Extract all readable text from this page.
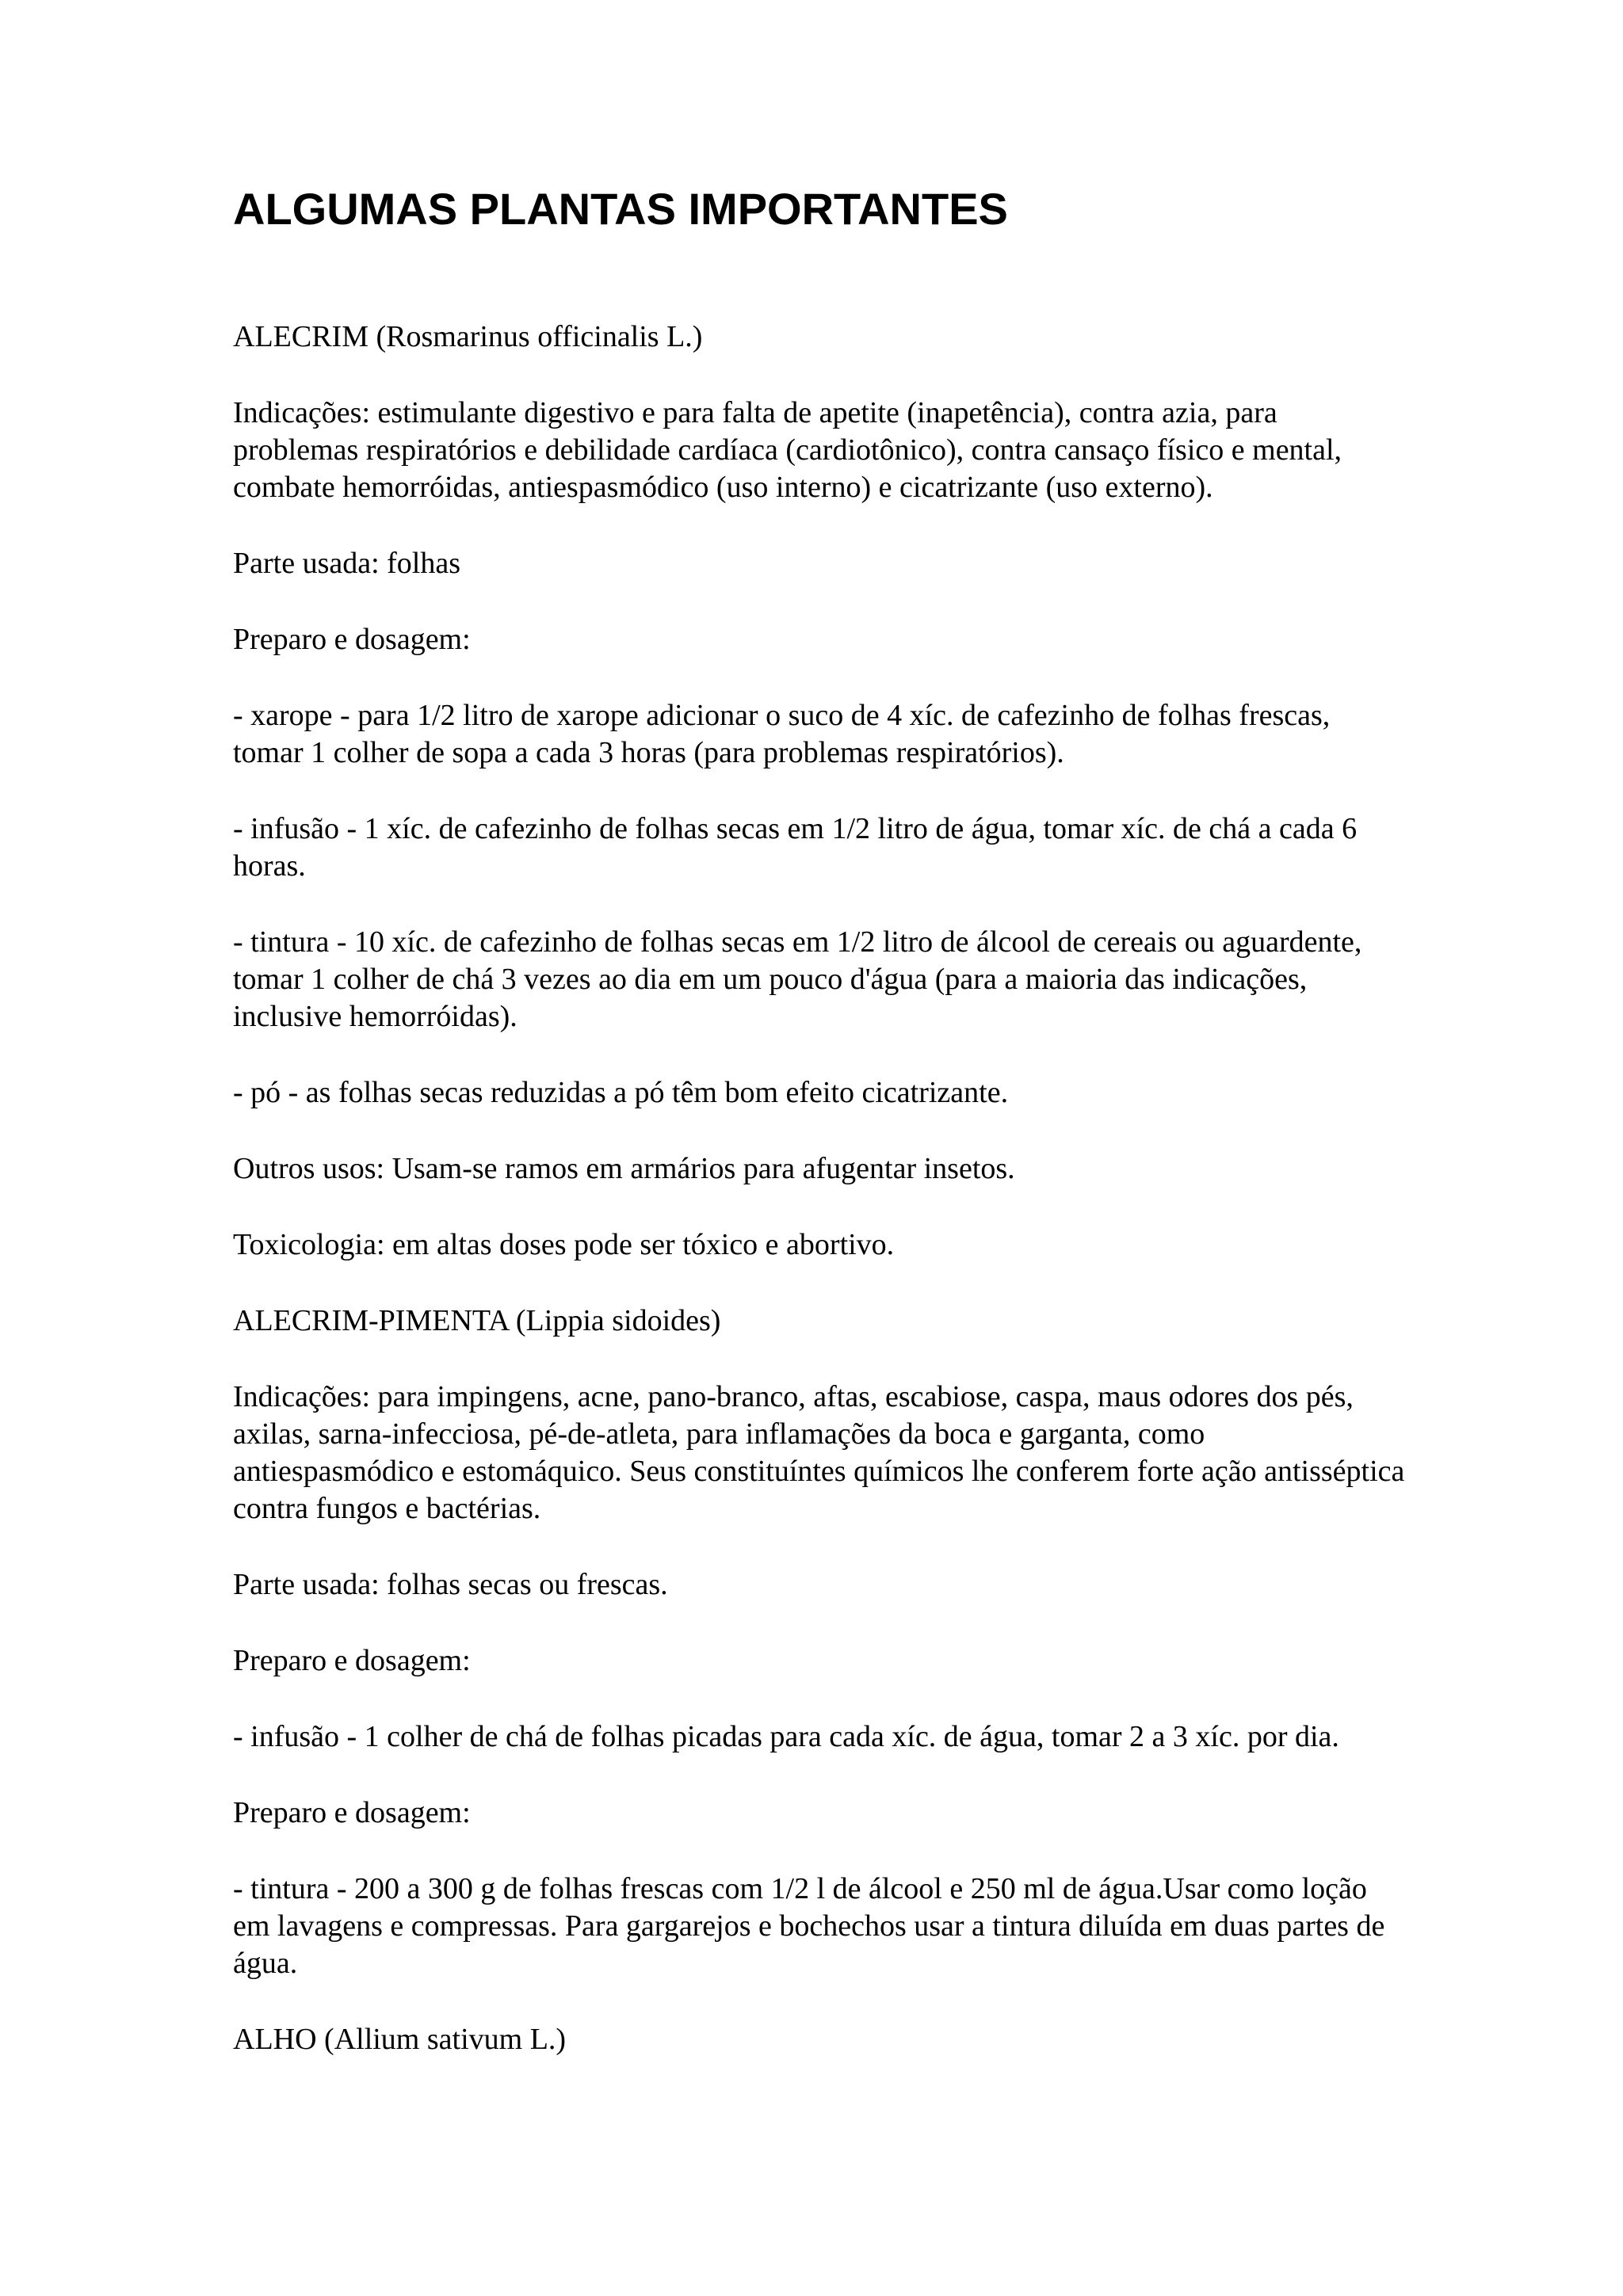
ALGUMAS PLANTAS IMPORTANTES

ALECRIM (Rosmarinus officinalis L.)

Indicações: estimulante digestivo e para falta de apetite (inapetência), contra azia, para problemas respiratórios e debilidade cardíaca (cardiotônico), contra cansaço físico e mental, combate hemorróidas, antiespasmódico (uso interno) e cicatrizante (uso externo).

Parte usada: folhas

Preparo e dosagem:

- xarope - para 1/2 litro de xarope adicionar o suco de 4 xíc. de cafezinho de folhas frescas, tomar 1 colher de sopa a cada 3 horas (para problemas respiratórios).

- infusão - 1 xíc. de cafezinho de folhas secas em 1/2 litro de água, tomar xíc. de chá a cada 6 horas.

- tintura - 10 xíc. de cafezinho de folhas secas em 1/2 litro de álcool de cereais ou aguardente, tomar 1 colher de chá 3 vezes ao dia em um pouco d'água (para a maioria das indicações, inclusive hemorróidas).

- pó - as folhas secas reduzidas a pó têm bom efeito cicatrizante.

Outros usos: Usam-se ramos em armários para afugentar insetos.

Toxicologia: em altas doses pode ser tóxico e abortivo.

ALECRIM-PIMENTA (Lippia sidoides)

Indicações: para impingens, acne, pano-branco, aftas, escabiose, caspa, maus odores dos pés, axilas, sarna-infecciosa, pé-de-atleta, para inflamações da boca e garganta, como antiespasmódico e estomáquico. Seus constituíntes químicos lhe conferem forte ação antisséptica contra fungos e bactérias.

Parte usada: folhas secas ou frescas.

Preparo e dosagem:

- infusão - 1 colher de chá de folhas picadas para cada xíc. de água, tomar 2 a 3 xíc. por dia.

Preparo e dosagem:

- tintura - 200 a 300 g de folhas frescas com 1/2 l de álcool e 250 ml de água.Usar como loção em lavagens e compressas. Para gargarejos e bochechos usar a tintura diluída em duas partes de água.

ALHO (Allium sativum L.)
